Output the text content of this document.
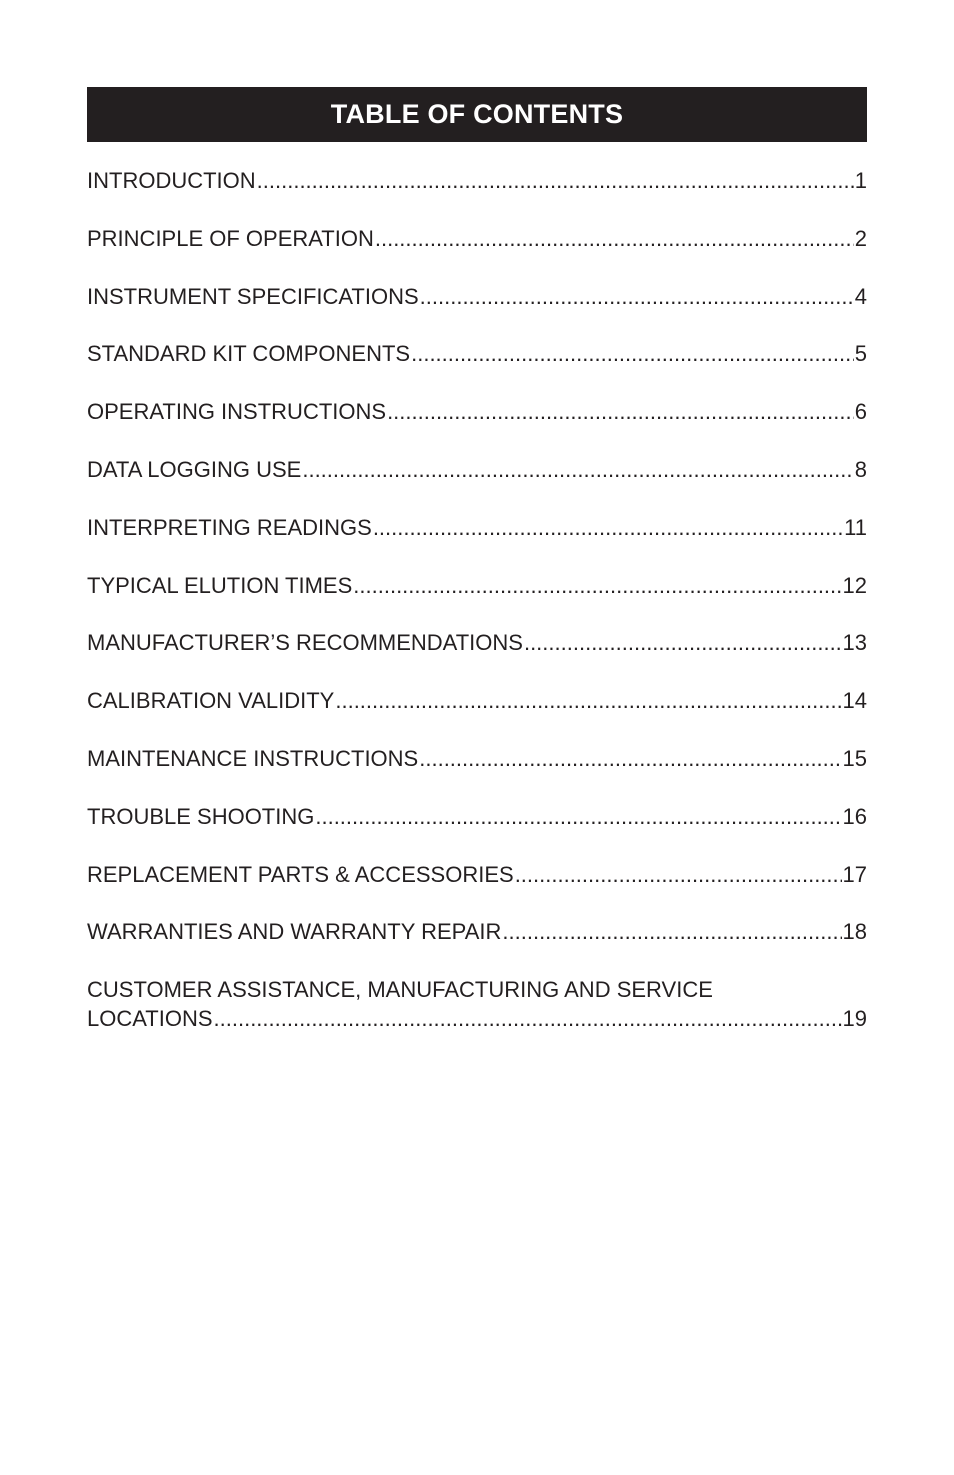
TABLE OF CONTENTS
INTRODUCTION .....	1
PRINCIPLE OF OPERATION .....	2
INSTRUMENT SPECIFICATIONS .....	4
STANDARD KIT COMPONENTS .....	5
OPERATING INSTRUCTIONS .....	6
DATA LOGGING USE .....	8
INTERPRETING READINGS .....	11
TYPICAL ELUTION TIMES .....	12
MANUFACTURER’S RECOMMENDATIONS .....	13
CALIBRATION VALIDITY .....	14
MAINTENANCE INSTRUCTIONS .....	15
TROUBLE SHOOTING .....	16
REPLACEMENT PARTS & ACCESSORIES .....	17
WARRANTIES AND WARRANTY REPAIR .....	18
CUSTOMER ASSISTANCE, MANUFACTURING AND SERVICE
LOCATIONS .....	19
